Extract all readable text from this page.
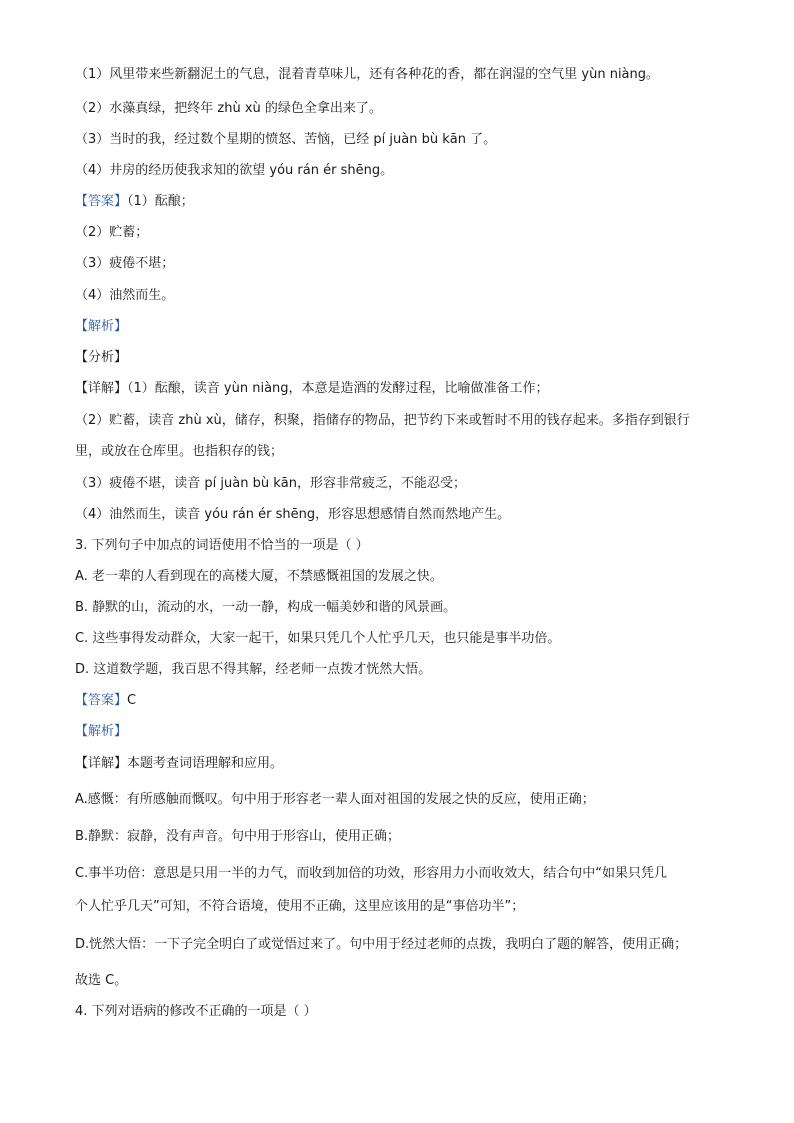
（1）风里带来些新翻泥土的气息，混着青草味儿，还有各种花的香，都在润湿的空气里 yùn niàng。
（2）水藻真绿，把终年 zhù xù 的绿色全拿出来了。
（3）当时的我，经过数个星期的愤怒、苦恼，已经 pí juàn bù kān 了。
（4）井房的经历使我求知的欲望 yóu rán ér shēng。
【答案】（1）酝酿；
（2）贮蓄；
（3）疲倦不堪；
（4）油然而生。
【解析】
【分析】
【详解】（1）酝酿，读音 yùn niàng，本意是造酒的发酵过程，比喻做准备工作；
（2）贮蓄，读音 zhù xù，储存，积聚，指储存的物品，把节约下来或暂时不用的钱存起来。多指存到银行
里，或放在仓库里。也指积存的钱；
（3）疲倦不堪，读音 pí juàn bù kān，形容非常疲乏，不能忍受；
（4）油然而生，读音 yóu rán ér shēng，形容思想感情自然而然地产生。
3. 下列句子中加点的词语使用不恰当的一项是（ ）
A. 老一辈的人看到现在的高楼大厦，不禁感慨祖国的发展之快。
B. 静默的山，流动的水，一动一静，构成一幅美妙和谐的风景画。
C. 这些事得发动群众，大家一起干，如果只凭几个人忙乎几天，也只能是事半功倍。
D. 这道数学题，我百思不得其解，经老师一点拨才恍然大悟。
【答案】C
【解析】
【详解】本题考查词语理解和应用。
A.感慨：有所感触而慨叹。句中用于形容老一辈人面对祖国的发展之快的反应，使用正确；
B.静默：寂静，没有声音。句中用于形容山，使用正确；
C.事半功倍：意思是只用一半的力气，而收到加倍的功效，形容用力小而收效大，结合句中“如果只凭几
个人忙乎几天”可知，不符合语境，使用不正确，这里应该用的是“事倍功半”；
D.恍然大悟：一下子完全明白了或觉悟过来了。句中用于经过老师的点拨，我明白了题的解答，使用正确；
故选 C。
4. 下列对语病的修改不正确的一项是（ ）
